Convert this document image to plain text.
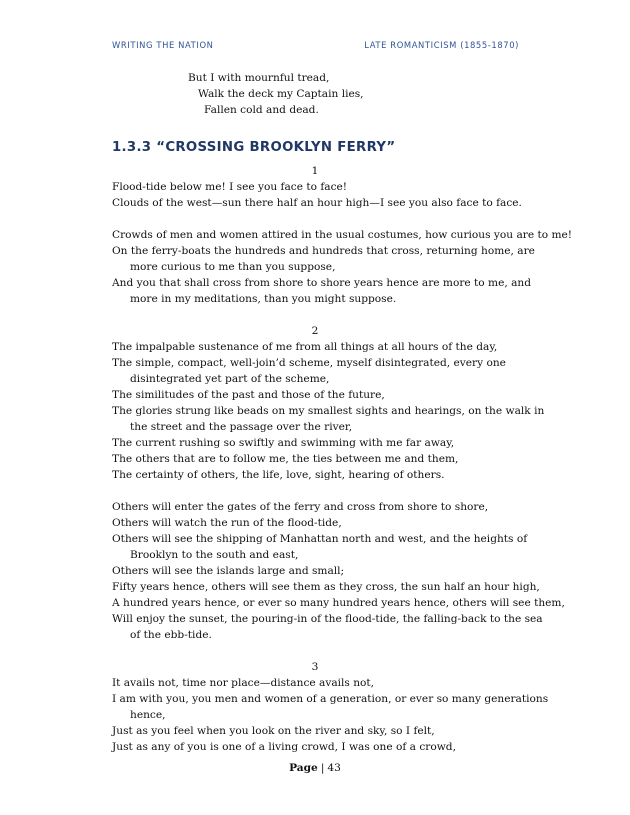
WRITING THE NATION	LATE ROMANTICISM (1855-1870)
But I with mournful tread,
Walk the deck my Captain lies,
Fallen cold and dead.
1.3.3 “CROSSING BROOKLYN FERRY”
1
Flood-tide below me! I see you face to face!
Clouds of the west—sun there half an hour high—I see you also face to face.
Crowds of men and women attired in the usual costumes, how curious you are to me!
On the ferry-boats the hundreds and hundreds that cross, returning home, are
more curious to me than you suppose,
And you that shall cross from shore to shore years hence are more to me, and
more in my meditations, than you might suppose.
2
The impalpable sustenance of me from all things at all hours of the day,
The simple, compact, well-join’d scheme, myself disintegrated, every one
disintegrated yet part of the scheme,
The similitudes of the past and those of the future,
The glories strung like beads on my smallest sights and hearings, on the walk in
the street and the passage over the river,
The current rushing so swiftly and swimming with me far away,
The others that are to follow me, the ties between me and them,
The certainty of others, the life, love, sight, hearing of others.
Others will enter the gates of the ferry and cross from shore to shore,
Others will watch the run of the flood-tide,
Others will see the shipping of Manhattan north and west, and the heights of
Brooklyn to the south and east,
Others will see the islands large and small;
Fifty years hence, others will see them as they cross, the sun half an hour high,
A hundred years hence, or ever so many hundred years hence, others will see them,
Will enjoy the sunset, the pouring-in of the flood-tide, the falling-back to the sea
of the ebb-tide.
3
It avails not, time nor place—distance avails not,
I am with you, you men and women of a generation, or ever so many generations
hence,
Just as you feel when you look on the river and sky, so I felt,
Just as any of you is one of a living crowd, I was one of a crowd,
Page | 43
